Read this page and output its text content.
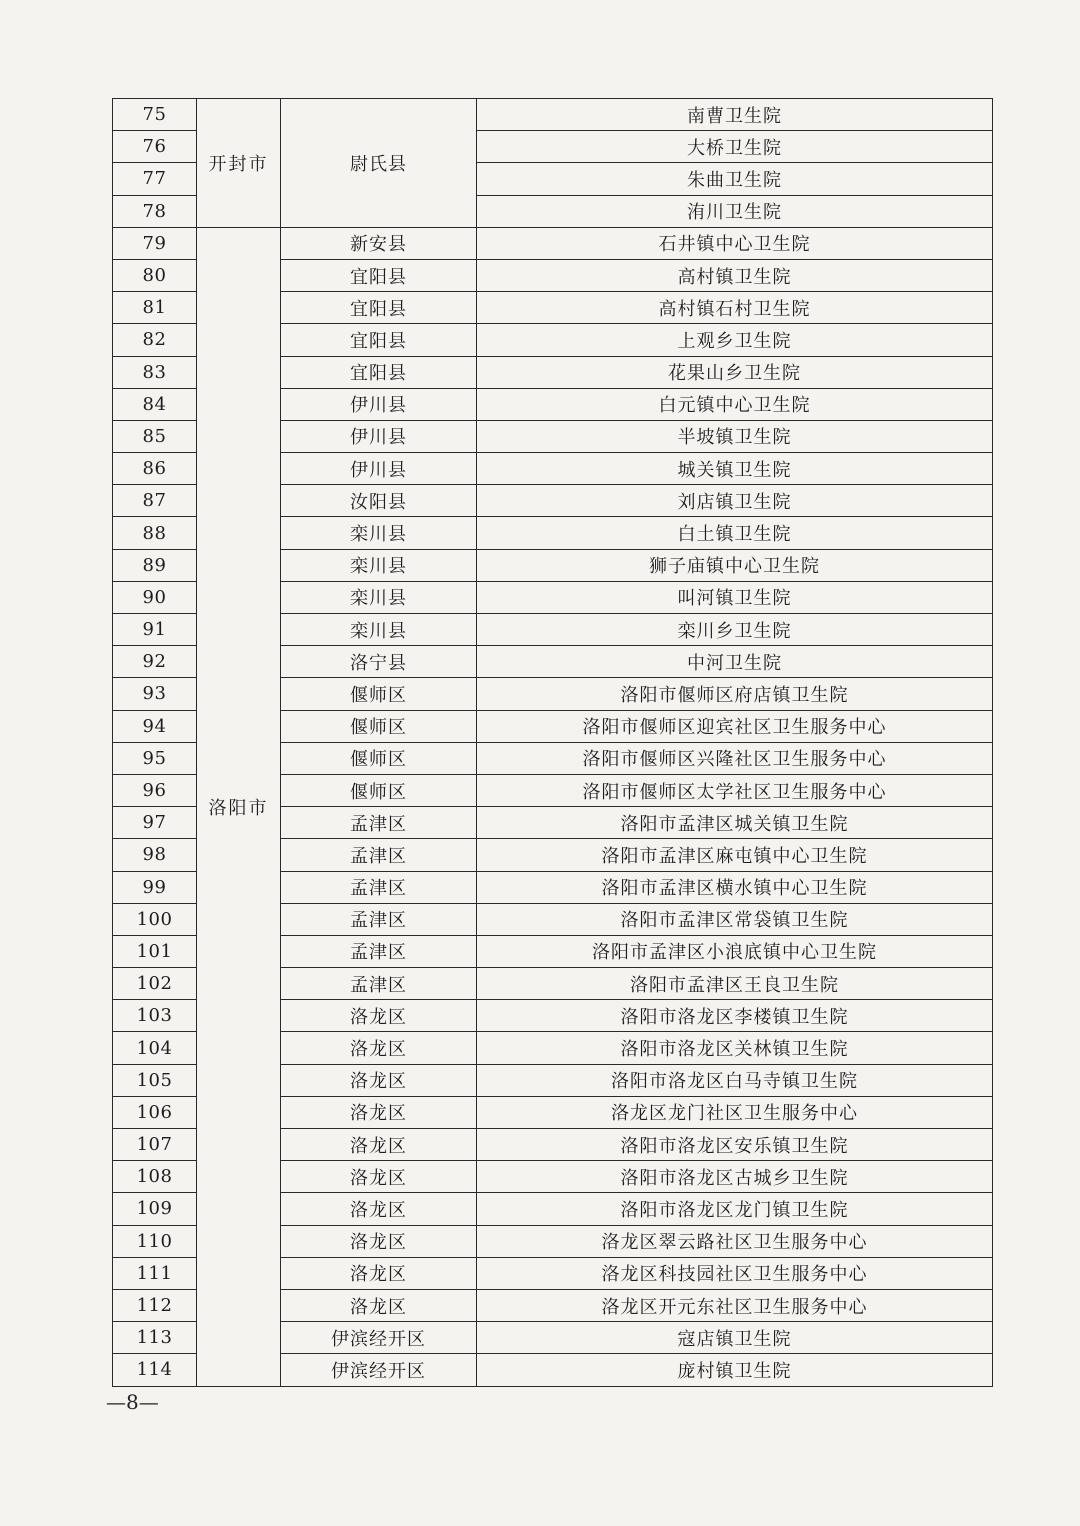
75	开封市	尉氏县	南曹卫生院
76			大桥卫生院
77			朱曲卫生院
78			洧川卫生院
79	洛阳市	新安县	石井镇中心卫生院
80		宜阳县	高村镇卫生院
81		宜阳县	高村镇石村卫生院
82		宜阳县	上观乡卫生院
83		宜阳县	花果山乡卫生院
84		伊川县	白元镇中心卫生院
85		伊川县	半坡镇卫生院
86		伊川县	城关镇卫生院
87		汝阳县	刘店镇卫生院
88		栾川县	白土镇卫生院
89		栾川县	狮子庙镇中心卫生院
90		栾川县	叫河镇卫生院
91		栾川县	栾川乡卫生院
92		洛宁县	中河卫生院
93		偃师区	洛阳市偃师区府店镇卫生院
94		偃师区	洛阳市偃师区迎宾社区卫生服务中心
95		偃师区	洛阳市偃师区兴隆社区卫生服务中心
96		偃师区	洛阳市偃师区太学社区卫生服务中心
97		孟津区	洛阳市孟津区城关镇卫生院
98		孟津区	洛阳市孟津区麻屯镇中心卫生院
99		孟津区	洛阳市孟津区横水镇中心卫生院
100		孟津区	洛阳市孟津区常袋镇卫生院
101		孟津区	洛阳市孟津区小浪底镇中心卫生院
102		孟津区	洛阳市孟津区王良卫生院
103		洛龙区	洛阳市洛龙区李楼镇卫生院
104		洛龙区	洛阳市洛龙区关林镇卫生院
105		洛龙区	洛阳市洛龙区白马寺镇卫生院
106		洛龙区	洛龙区龙门社区卫生服务中心
107		洛龙区	洛阳市洛龙区安乐镇卫生院
108		洛龙区	洛阳市洛龙区古城乡卫生院
109		洛龙区	洛阳市洛龙区龙门镇卫生院
110		洛龙区	洛龙区翠云路社区卫生服务中心
111		洛龙区	洛龙区科技园社区卫生服务中心
112		洛龙区	洛龙区开元东社区卫生服务中心
113		伊滨经开区	寇店镇卫生院
114		伊滨经开区	庞村镇卫生院
—8—
